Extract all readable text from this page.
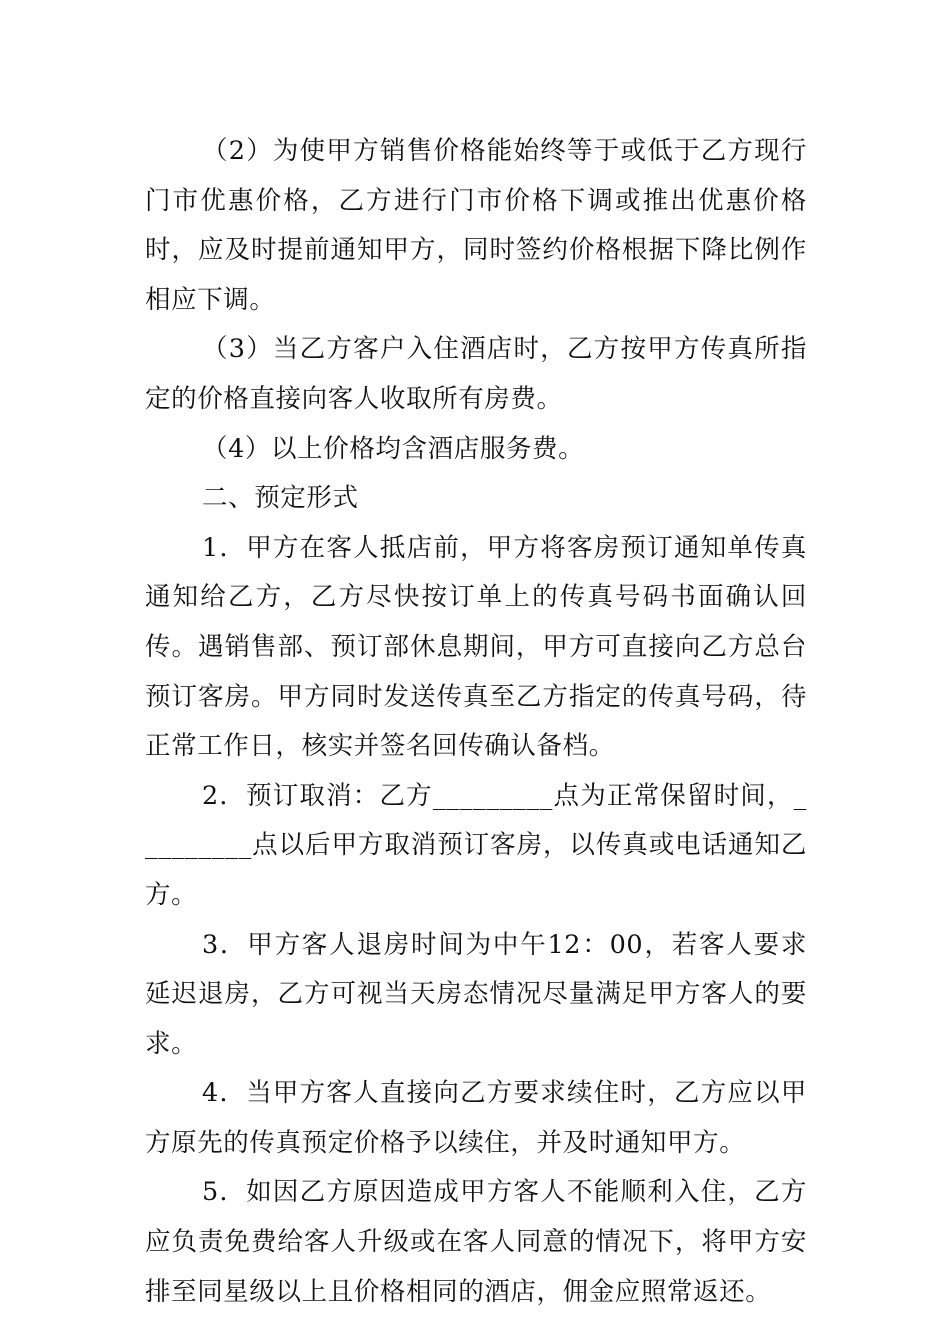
（2）为使甲方销售价格能始终等于或低于乙方现行门市优惠价格，乙方进行门市价格下调或推出优惠价格时，应及时提前通知甲方，同时签约价格根据下降比例作相应下调。

（3）当乙方客户入住酒店时，乙方按甲方传真所指定的价格直接向客人收取所有房费。

（4）以上价格均含酒店服务费。

二、预定形式

1．甲方在客人抵店前，甲方将客房预订通知单传真通知给乙方，乙方尽快按订单上的传真号码书面确认回传。遇销售部、预订部休息期间，甲方可直接向乙方总台预订客房。甲方同时发送传真至乙方指定的传真号码，待正常工作日，核实并签名回传确认备档。

2．预订取消：乙方_________点为正常保留时间，_________点以后甲方取消预订客房，以传真或电话通知乙方。

3．甲方客人退房时间为中午12：00，若客人要求延迟退房，乙方可视当天房态情况尽量满足甲方客人的要求。

4．当甲方客人直接向乙方要求续住时，乙方应以甲方原先的传真预定价格予以续住，并及时通知甲方。

5．如因乙方原因造成甲方客人不能顺利入住，乙方应负责免费给客人升级或在客人同意的情况下，将甲方安排至同星级以上且价格相同的酒店，佣金应照常返还。
